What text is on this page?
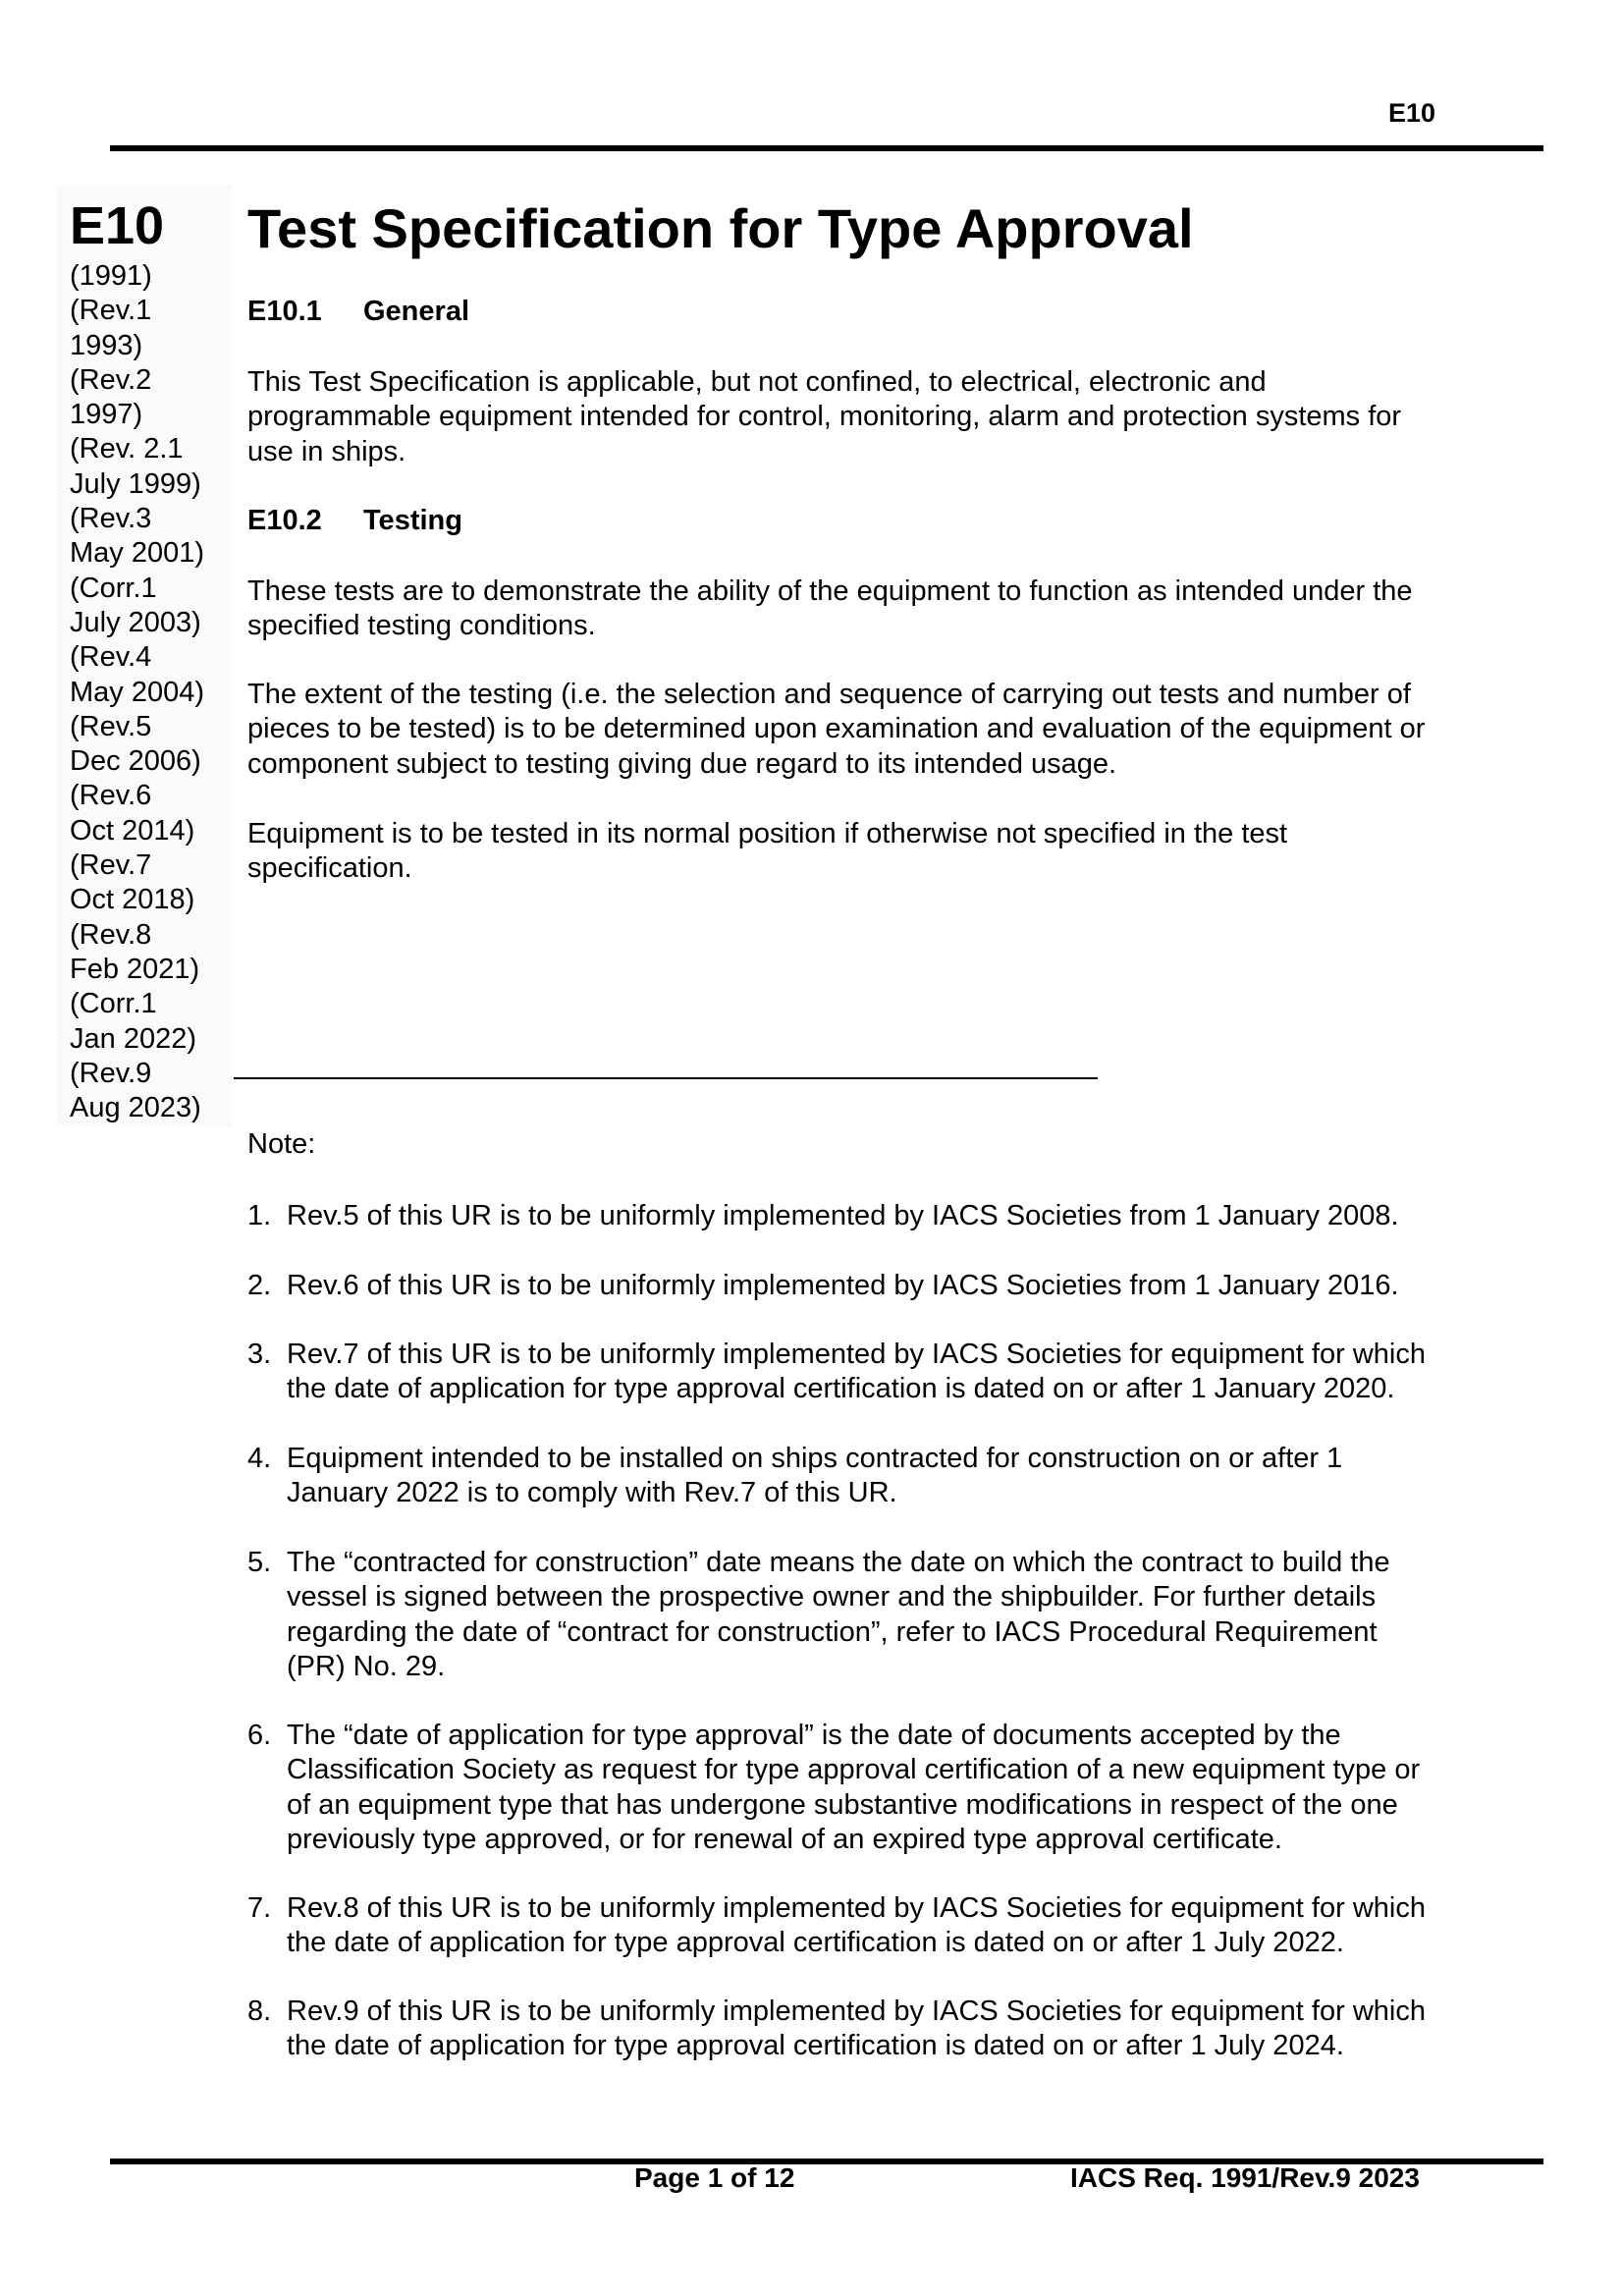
E10
E10
(1991)
(Rev.1
1993)
(Rev.2
1997)
(Rev. 2.1
July 1999)
(Rev.3
May 2001)
(Corr.1
July 2003)
(Rev.4
May 2004)
(Rev.5
Dec 2006)
(Rev.6
Oct 2014)
(Rev.7
Oct 2018)
(Rev.8
Feb 2021)
(Corr.1
Jan 2022)
(Rev.9
Aug 2023)
Test Specification for Type Approval
E10.1 General
This Test Specification is applicable, but not confined, to electrical, electronic and
programmable equipment intended for control, monitoring, alarm and protection systems for
use in ships.
E10.2 Testing
These tests are to demonstrate the ability of the equipment to function as intended under the
specified testing conditions.
The extent of the testing (i.e. the selection and sequence of carrying out tests and number of
pieces to be tested) is to be determined upon examination and evaluation of the equipment or
component subject to testing giving due regard to its intended usage.
Equipment is to be tested in its normal position if otherwise not specified in the test
specification.
Note:
1. Rev.5 of this UR is to be uniformly implemented by IACS Societies from 1 January 2008.
2. Rev.6 of this UR is to be uniformly implemented by IACS Societies from 1 January 2016.
3. Rev.7 of this UR is to be uniformly implemented by IACS Societies for equipment for which
the date of application for type approval certification is dated on or after 1 January 2020.
4. Equipment intended to be installed on ships contracted for construction on or after 1
January 2022 is to comply with Rev.7 of this UR.
5. The “contracted for construction” date means the date on which the contract to build the
vessel is signed between the prospective owner and the shipbuilder. For further details
regarding the date of “contract for construction”, refer to IACS Procedural Requirement
(PR) No. 29.
6. The “date of application for type approval” is the date of documents accepted by the
Classification Society as request for type approval certification of a new equipment type or
of an equipment type that has undergone substantive modifications in respect of the one
previously type approved, or for renewal of an expired type approval certificate.
7. Rev.8 of this UR is to be uniformly implemented by IACS Societies for equipment for which
the date of application for type approval certification is dated on or after 1 July 2022.
8. Rev.9 of this UR is to be uniformly implemented by IACS Societies for equipment for which
the date of application for type approval certification is dated on or after 1 July 2024.
Page 1 of 12	IACS Req. 1991/Rev.9 2023
